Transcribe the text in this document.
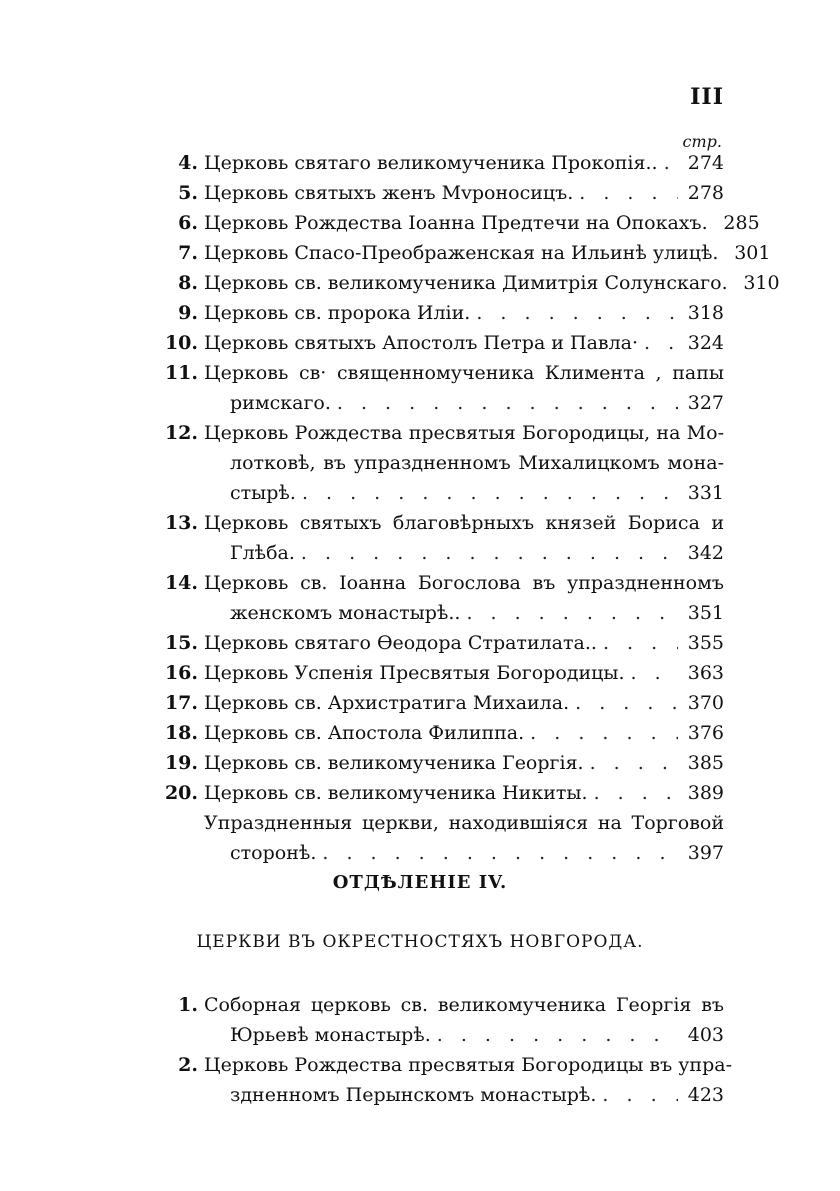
III
стр.
4. Церковь святаго великомученика Прокопія.. . . . 274
5. Церковь святыхъ женъ Мvроносицъ. . . .	278
6. Церковь Рождества Іоанна Предтечи на Опокахъ. 285
7. Церковь Спасо-Преображенская на Ильинѣ улицѣ. 301
8. Церковь св. великомученика Димитрія Солунскаго. 310
9. Церковь св. пророка Иліи. . . .	318
10. Церковь святыхъ Апостолъ Петра и Павла· . . .	324
11. Церковь св· священномученика Климента , папы
римскаго. . . .	327
12. Церковь Рождества пресвятыя Богородицы, на Мо-
лотковѣ, въ упраздненномъ Михалицкомъ мона-
стырѣ. . . .	331
13. Церковь святыхъ благовѣрныхъ князей Бориса и
Глѣба. . . .	342
14. Церковь св. Іоанна Богослова въ упраздненномъ
женскомъ монастырѣ.. . . .	351
15. Церковь святаго Ѳеодора Стратилата.. . . .	355
16. Церковь Успенія Пресвятыя Богородицы. . . .	363
17. Церковь св. Архистратига Михаила. . . .	370
18. Церковь св. Апостола Филиппа. . . .	376
19. Церковь св. великомученика Георгія. . . .	385
20. Церковь св. великомученика Никиты. . . .	389
Упраздненныя церкви, находившіяся на Торговой
сторонѣ. . . .	397
ОТДѢЛЕНІЕ IV.
ЦЕРКВИ ВЪ ОКРЕСТНОСТЯХЪ НОВГОРОДА.
1. Соборная церковь св. великомученика Георгія въ
Юрьевѣ монастырѣ. . . .	403
2. Церковь Рождества пресвятыя Богородицы въ упра-
здненномъ Перынскомъ монастырѣ. . . .	423
